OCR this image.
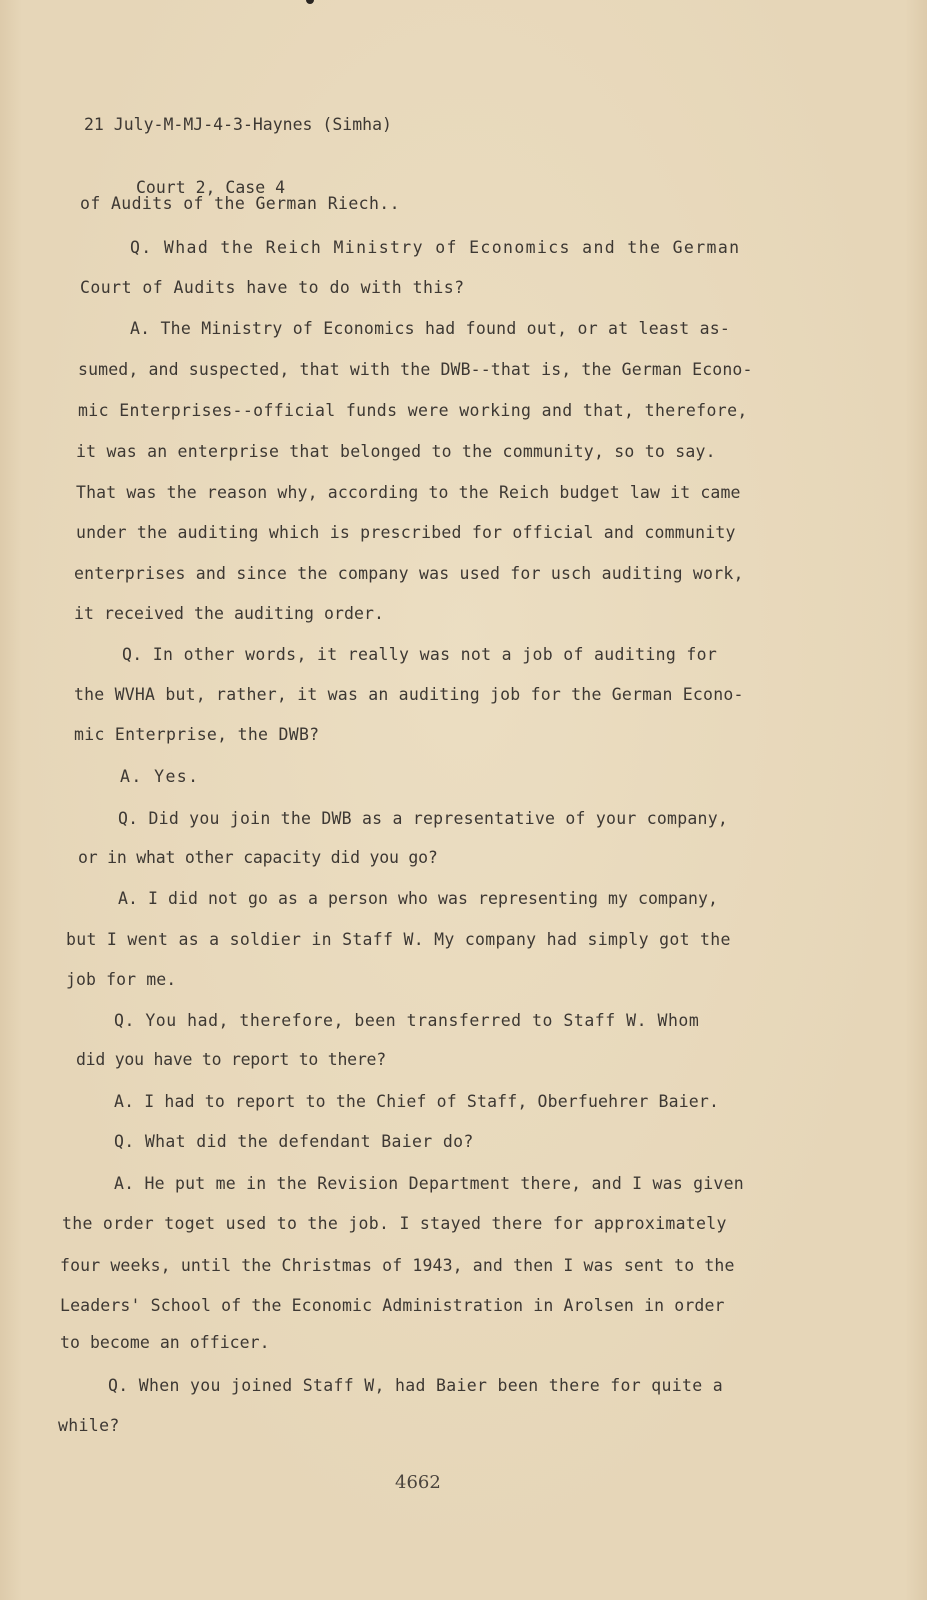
21 July-M-MJ-4-3-Haynes (Simha)

Court 2, Case 4

of Audits of the German Riech..
Q. Whad the Reich Ministry of Economics and the German
Court of Audits have to do with this?
A. The Ministry of Economics had found out, or at least as-
sumed, and suspected, that with the DWB--that is, the German Econo-
mic Enterprises--official funds were working and that, therefore,
it was an enterprise that belonged to the community, so to say.
That was the reason why, according to the Reich budget law it came
under the auditing which is prescribed for official and community
enterprises and since the company was used for usch auditing work,
it received the auditing order.
Q. In other words, it really was not a job of auditing for
the WVHA but, rather, it was an auditing job for the German Econo-
mic Enterprise, the DWB?
A. Yes.
Q. Did you join the DWB as a representative of your company,
or in what other capacity did you go?
A. I did not go as a person who was representing my company,
but I went as a soldier in Staff W. My company had simply got the
job for me.
Q. You had, therefore, been transferred to Staff W. Whom
did you have to report to there?
A. I had to report to the Chief of Staff, Oberfuehrer Baier.
Q. What did the defendant Baier do?
A. He put me in the Revision Department there, and I was given
the order toget used to the job. I stayed there for approximately
four weeks, until the Christmas of 1943, and then I was sent to the
Leaders' School of the Economic Administration in Arolsen in order
to become an officer.
Q. When you joined Staff W, had Baier been there for quite a
while?
4662
